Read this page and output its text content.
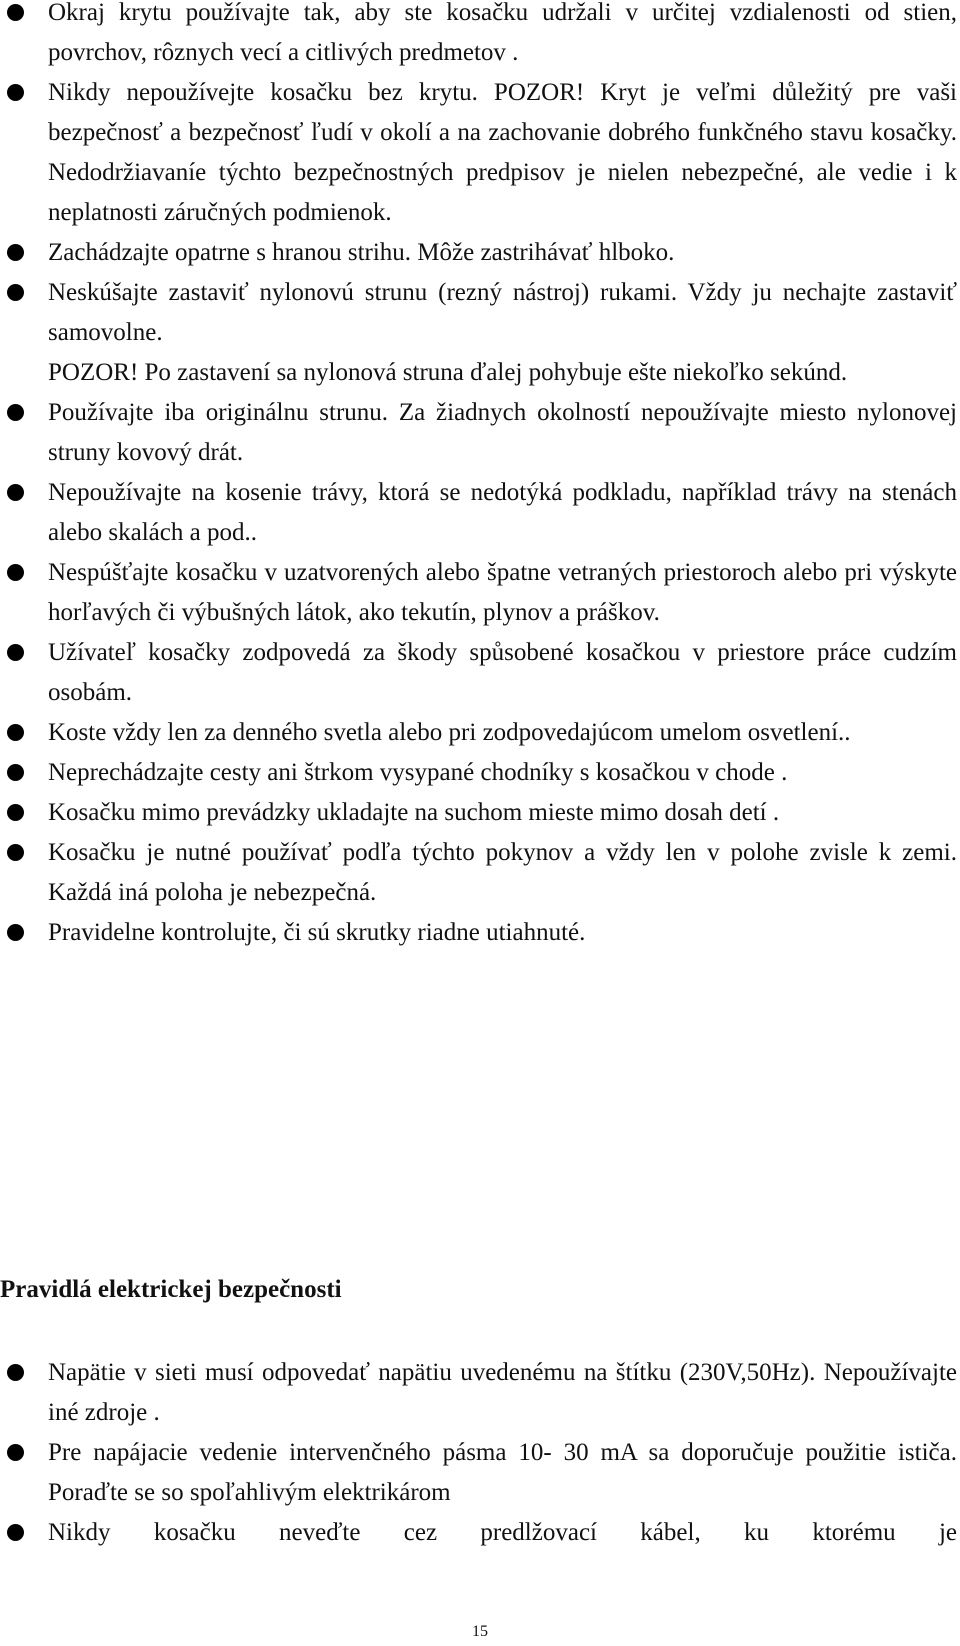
Okraj krytu používajte tak, aby ste kosačku udržali v určitej vzdialenosti od stien, povrchov, rôznych vecí a citlivých predmetov .
Nikdy nepoužívejte kosačku bez krytu. POZOR! Kryt je veľmi důležitý pre vaši bezpečnosť a bezpečnosť ľudí v okolí a na zachovanie dobrého funkčného stavu kosačky. Nedodržiavaníe týchto bezpečnostných predpisov je nielen nebezpečné, ale vedie i k neplatnosti záručných podmienok.
Zachádzajte opatrne s hranou strihu. Môže zastrihávať hlboko.
Neskúšajte zastaviť nylonovú strunu (rezný nástroj) rukami. Vždy ju nechajte zastaviť samovolne.
POZOR! Po zastavení sa nylonová struna ďalej pohybuje ešte niekoľko sekúnd.
Používajte iba originálnu strunu. Za žiadnych okolností nepoužívajte miesto nylonovej struny kovový drát.
Nepoužívajte na kosenie trávy, ktorá se nedotýká podkladu, například trávy na stenách alebo skalách a pod..
Nespúšťajte kosačku v uzatvorených alebo špatne vetraných priestoroch alebo pri výskyte horľavých či výbušných látok, ako tekutín, plynov a práškov.
Užívateľ kosačky zodpovedá za škody spůsobené kosačkou v priestore práce cudzím osobám.
Koste vždy len za denného svetla alebo pri zodpovedajúcom umelom osvetlení..
Neprechádzajte cesty ani štrkom vysypané chodníky s kosačkou v chode .
Kosačku mimo prevádzky ukladajte na suchom mieste mimo dosah detí .
Kosačku je nutné používať podľa týchto pokynov a vždy len v polohe zvisle k zemi. Každá iná poloha je nebezpečná.
Pravidelne kontrolujte, či sú skrutky riadne utiahnuté.
Pravidlá elektrickej bezpečnosti
Napätie v sieti musí odpovedať napätiu uvedenému na štítku (230V,50Hz). Nepoužívajte iné zdroje .
Pre napájacie vedenie intervenčného pásma 10- 30 mA sa doporučuje použitie ističa. Poraďte se so spoľahlivým elektrikárom
Nikdy kosačku neveďte cez predlžovací kábel, ku ktorému je
15
